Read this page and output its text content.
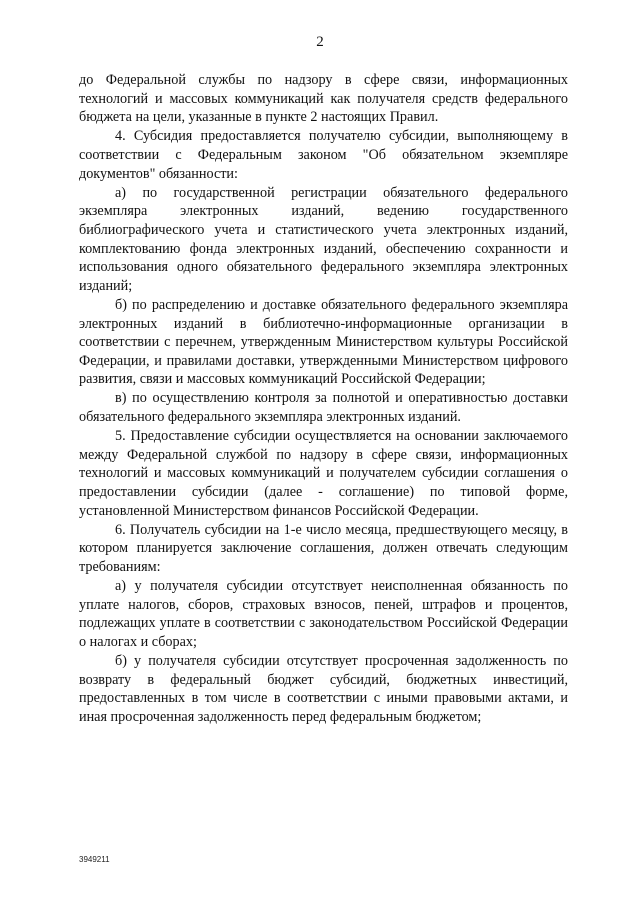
2

до Федеральной службы по надзору в сфере связи, информационных технологий и массовых коммуникаций как получателя средств федерального бюджета на цели, указанные в пункте 2 настоящих Правил.

4. Субсидия предоставляется получателю субсидии, выполняющему в соответствии с Федеральным законом "Об обязательном экземпляре документов" обязанности:

а) по государственной регистрации обязательного федерального экземпляра электронных изданий, ведению государственного библиографического учета и статистического учета электронных изданий, комплектованию фонда электронных изданий, обеспечению сохранности и использования одного обязательного федерального экземпляра электронных изданий;

б) по распределению и доставке обязательного федерального экземпляра электронных изданий в библиотечно-информационные организации в соответствии с перечнем, утвержденным Министерством культуры Российской Федерации, и правилами доставки, утвержденными Министерством цифрового развития, связи и массовых коммуникаций Российской Федерации;

в) по осуществлению контроля за полнотой и оперативностью доставки обязательного федерального экземпляра электронных изданий.

5. Предоставление субсидии осуществляется на основании заключаемого между Федеральной службой по надзору в сфере связи, информационных технологий и массовых коммуникаций и получателем субсидии соглашения о предоставлении субсидии (далее - соглашение) по типовой форме, установленной Министерством финансов Российской Федерации.

6. Получатель субсидии на 1-е число месяца, предшествующего месяцу, в котором планируется заключение соглашения, должен отвечать следующим требованиям:

а) у получателя субсидии отсутствует неисполненная обязанность по уплате налогов, сборов, страховых взносов, пеней, штрафов и процентов, подлежащих уплате в соответствии с законодательством Российской Федерации о налогах и сборах;

б) у получателя субсидии отсутствует просроченная задолженность по возврату в федеральный бюджет субсидий, бюджетных инвестиций, предоставленных в том числе в соответствии с иными правовыми актами, и иная просроченная задолженность перед федеральным бюджетом;

3949211
